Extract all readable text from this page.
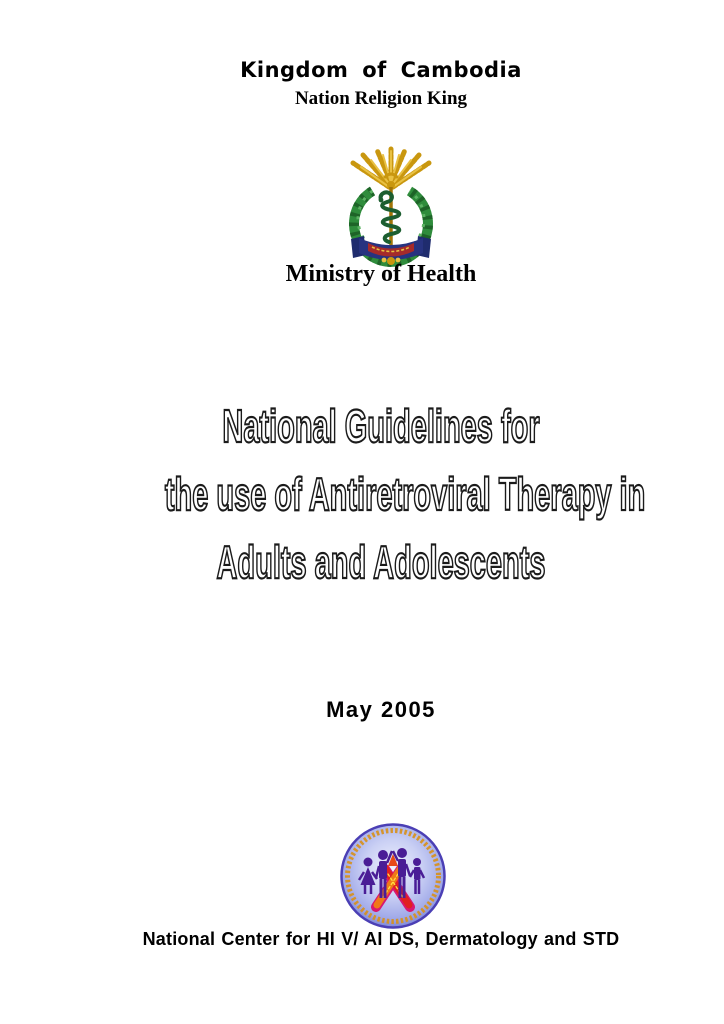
Kingdom of Cambodia
Nation Religion King
Ministry of Health
National Guidelines for
the use of Antiretroviral Therapy in
Adults and Adolescents
May 2005
National Center for HI V/ AI DS, Dermatology and STD
